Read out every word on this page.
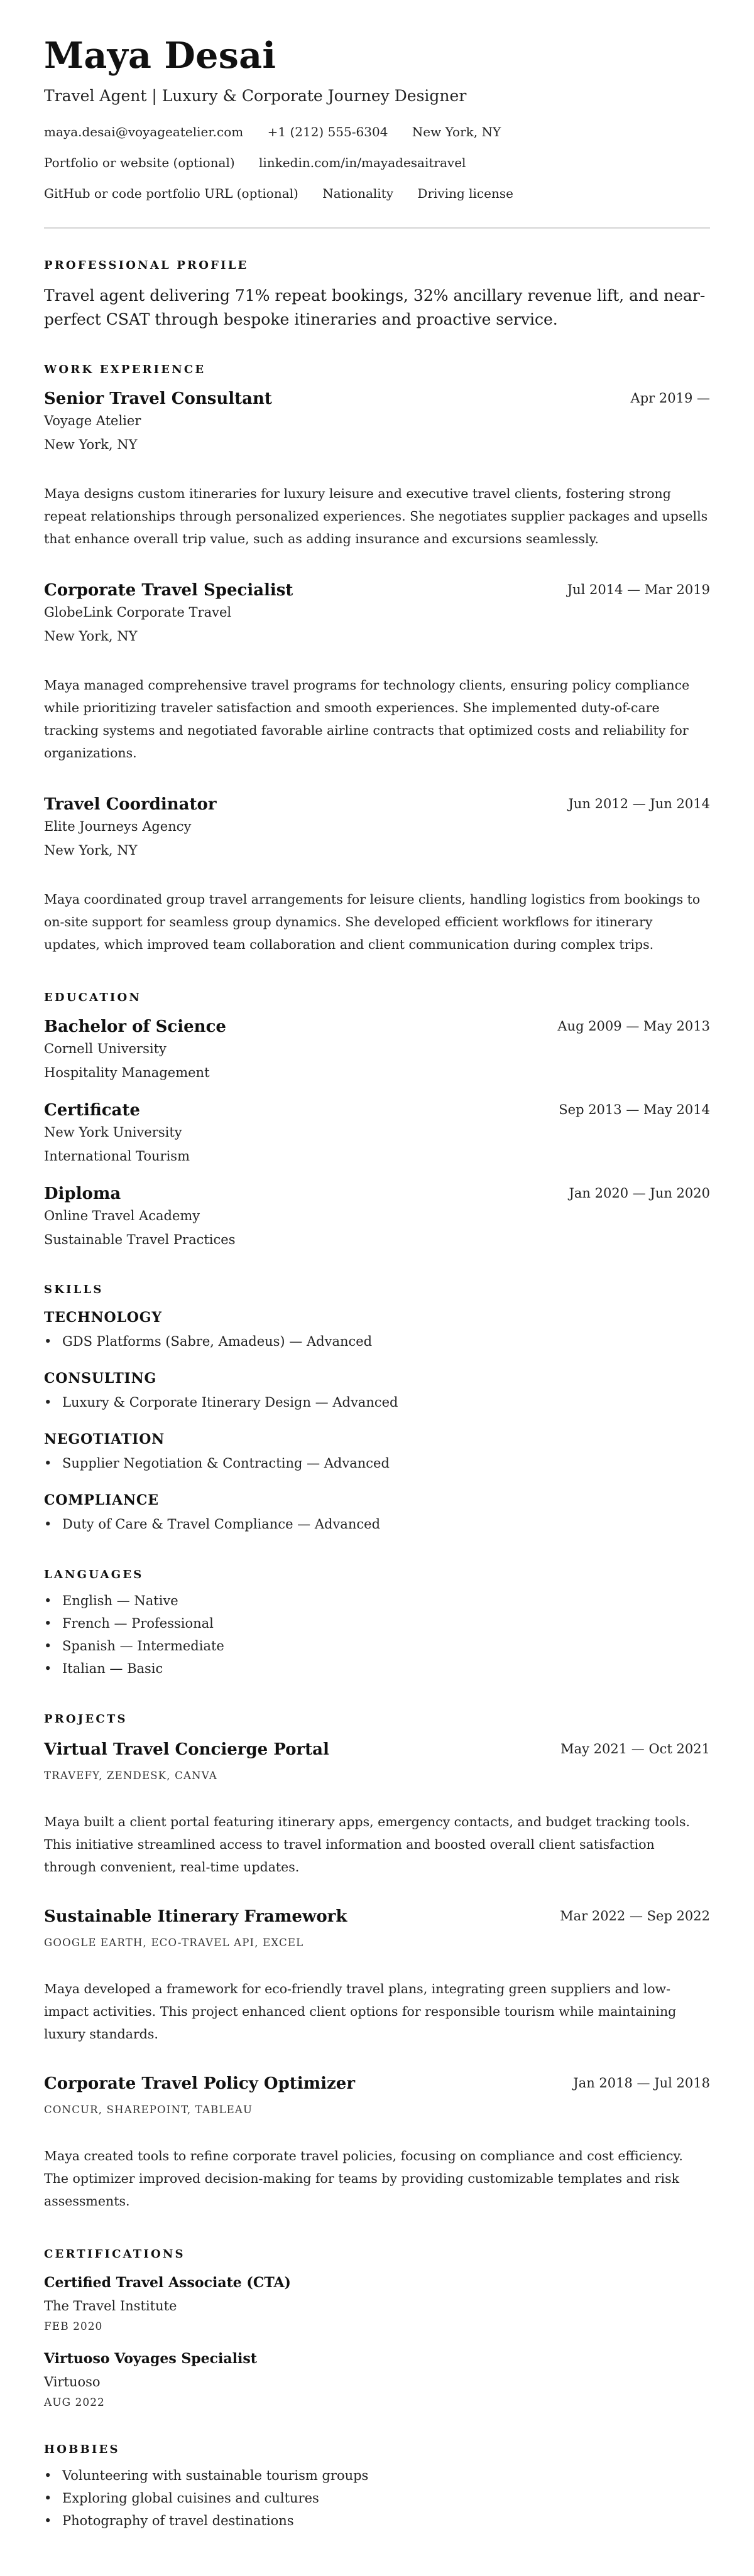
Maya Desai
Travel Agent | Luxury & Corporate Journey Designer
maya.desai@voyageatelier.com +1 (212) 555-6304 New York, NY
Portfolio or website (optional) linkedin.com/in/mayadesaitravel
GitHub or code portfolio URL (optional) Nationality Driving license
PROFESSIONAL PROFILE

Travel agent delivering 71% repeat bookings, 32% ancillary revenue lift, and near-perfect CSAT through bespoke itineraries and proactive service.

WORK EXPERIENCE
Senior Travel Consultant	Apr 2019 —
Voyage Atelier
New York, NY

Maya designs custom itineraries for luxury leisure and executive travel clients, fostering strong repeat relationships through personalized experiences. She negotiates supplier packages and upsells that enhance overall trip value, such as adding insurance and excursions seamlessly.

Corporate Travel Specialist	Jul 2014 — Mar 2019
GlobeLink Corporate Travel
New York, NY

Maya managed comprehensive travel programs for technology clients, ensuring policy compliance while prioritizing traveler satisfaction and smooth experiences. She implemented duty-of-care tracking systems and negotiated favorable airline contracts that optimized costs and reliability for organizations.

Travel Coordinator	Jun 2012 — Jun 2014
Elite Journeys Agency
New York, NY

Maya coordinated group travel arrangements for leisure clients, handling logistics from bookings to on-site support for seamless group dynamics. She developed efficient workflows for itinerary updates, which improved team collaboration and client communication during complex trips.

EDUCATION
Bachelor of Science	Aug 2009 — May 2013
Cornell University
Hospitality Management
Certificate	Sep 2013 — May 2014
New York University
International Tourism
Diploma	Jan 2020 — Jun 2020
Online Travel Academy
Sustainable Travel Practices
SKILLS
TECHNOLOGY
• GDS Platforms (Sabre, Amadeus) — Advanced
CONSULTING
• Luxury & Corporate Itinerary Design — Advanced
NEGOTIATION
• Supplier Negotiation & Contracting — Advanced
COMPLIANCE
• Duty of Care & Travel Compliance — Advanced
LANGUAGES
• English — Native
• French — Professional
• Spanish — Intermediate
• Italian — Basic
PROJECTS
Virtual Travel Concierge Portal	May 2021 — Oct 2021
TRAVEFY, ZENDESK, CANVA

Maya built a client portal featuring itinerary apps, emergency contacts, and budget tracking tools. This initiative streamlined access to travel information and boosted overall client satisfaction through convenient, real-time updates.

Sustainable Itinerary Framework	Mar 2022 — Sep 2022
GOOGLE EARTH, ECO-TRAVEL API, EXCEL

Maya developed a framework for eco-friendly travel plans, integrating green suppliers and low-impact activities. This project enhanced client options for responsible tourism while maintaining luxury standards.

Corporate Travel Policy Optimizer	Jan 2018 — Jul 2018
CONCUR, SHAREPOINT, TABLEAU

Maya created tools to refine corporate travel policies, focusing on compliance and cost efficiency. The optimizer improved decision-making for teams by providing customizable templates and risk assessments.

CERTIFICATIONS
Certified Travel Associate (CTA)
The Travel Institute
FEB 2020
Virtuoso Voyages Specialist
Virtuoso
AUG 2022
HOBBIES
• Volunteering with sustainable tourism groups
• Exploring global cuisines and cultures
• Photography of travel destinations
